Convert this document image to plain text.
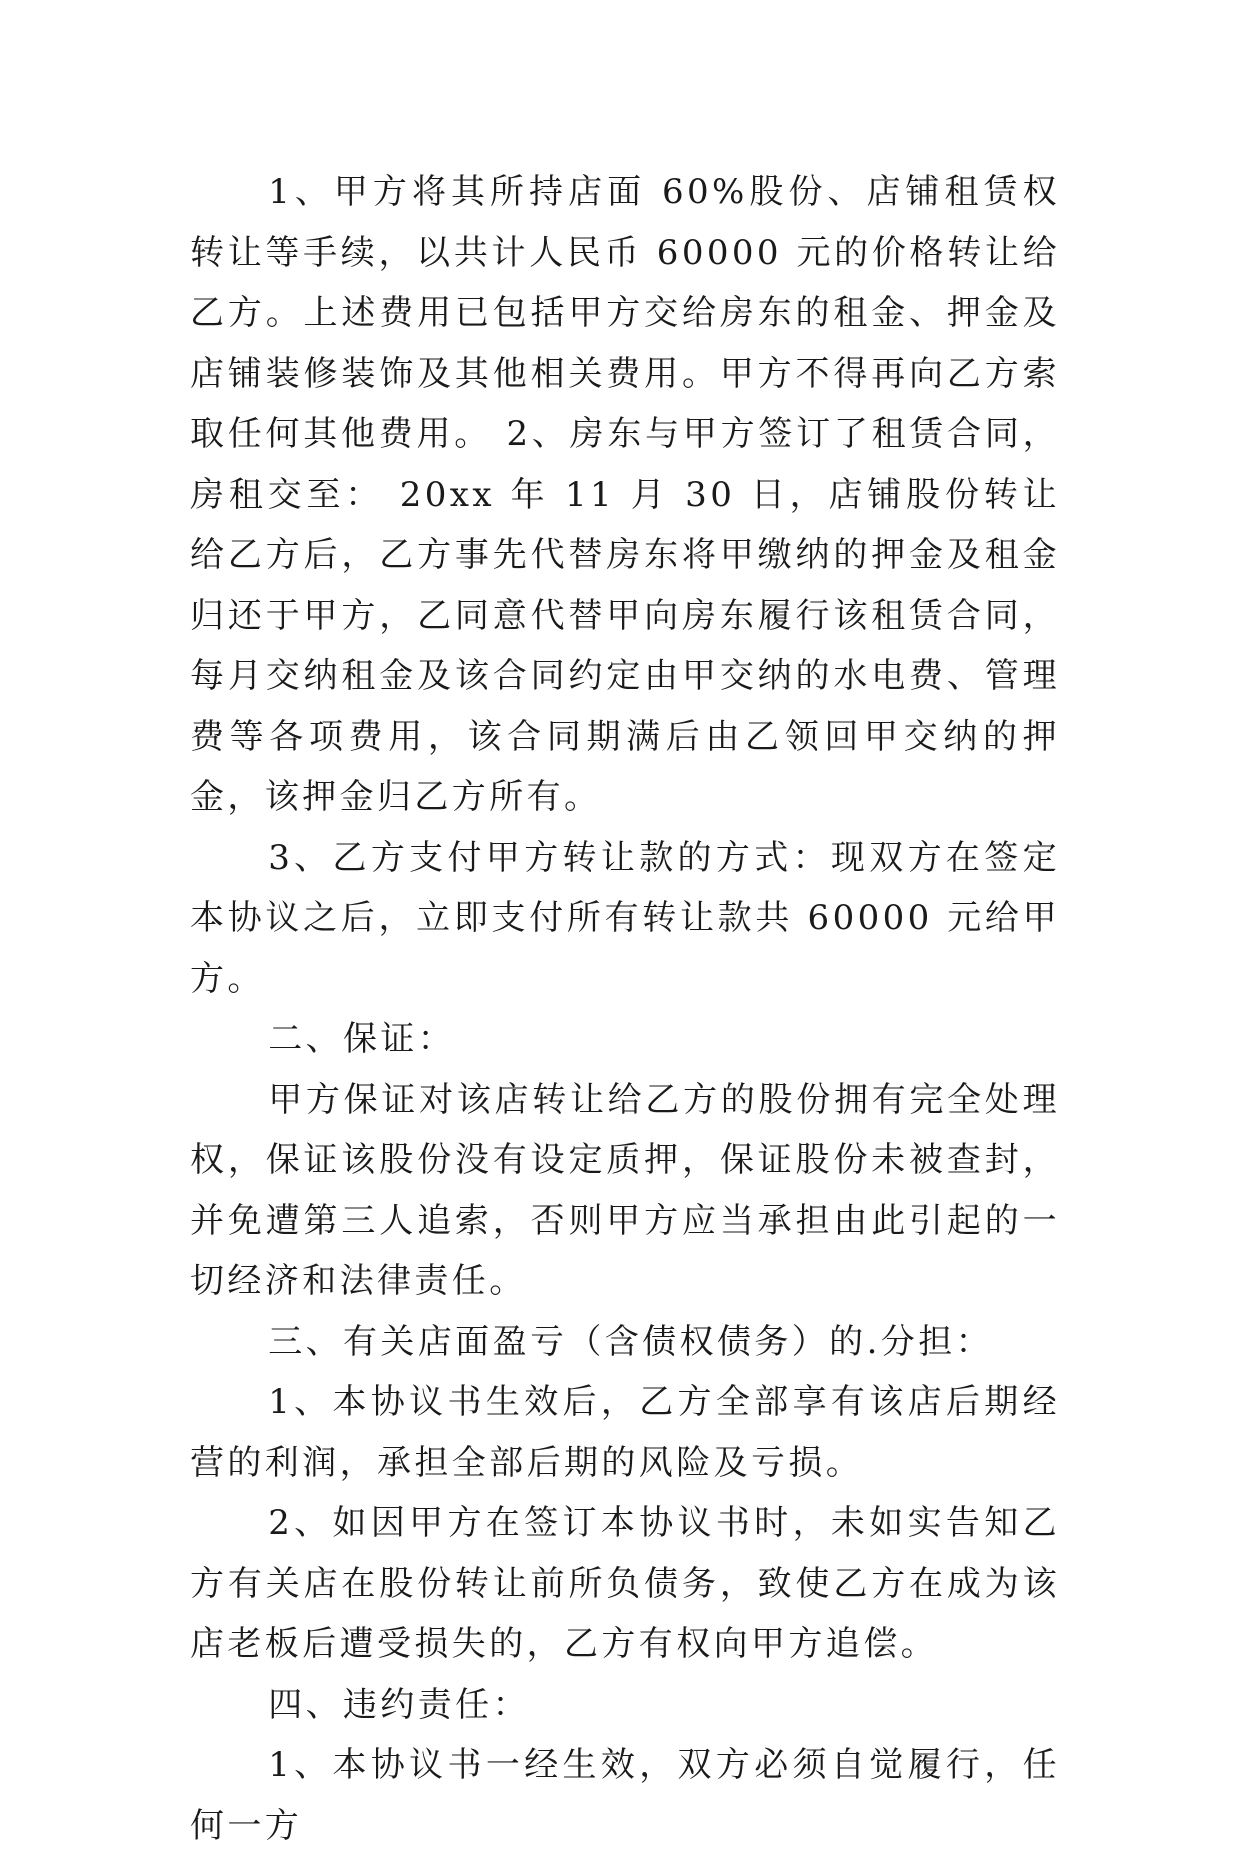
1、甲方将其所持店面 60%股份、店铺租赁权转让等手续，以共计人民币 60000 元的价格转让给乙方。上述费用已包括甲方交给房东的租金、押金及店铺装修装饰及其他相关费用。甲方不得再向乙方索取任何其他费用。 2、房东与甲方签订了租赁合同，房租交至： 20xx 年 11 月 30 日，店铺股份转让给乙方后，乙方事先代替房东将甲缴纳的押金及租金归还于甲方，乙同意代替甲向房东履行该租赁合同，每月交纳租金及该合同约定由甲交纳的水电费、管理费等各项费用，该合同期满后由乙领回甲交纳的押金，该押金归乙方所有。

3、乙方支付甲方转让款的方式：现双方在签定本协议之后，立即支付所有转让款共 60000 元给甲方。

二、保证：

甲方保证对该店转让给乙方的股份拥有完全处理权，保证该股份没有设定质押，保证股份未被查封，并免遭第三人追索，否则甲方应当承担由此引起的一切经济和法律责任。

三、有关店面盈亏（含债权债务）的.分担：

1、本协议书生效后，乙方全部享有该店后期经营的利润，承担全部后期的风险及亏损。

2、如因甲方在签订本协议书时，未如实告知乙方有关店在股份转让前所负债务，致使乙方在成为该店老板后遭受损失的，乙方有权向甲方追偿。

四、违约责任：

1、本协议书一经生效，双方必须自觉履行，任何一方
